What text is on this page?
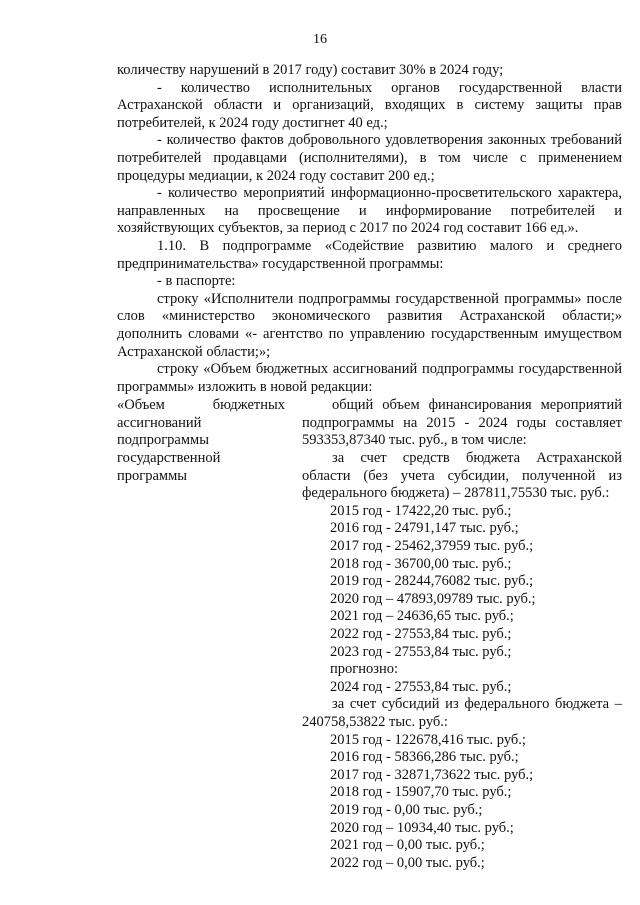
16

количеству нарушений в 2017 году) составит 30% в 2024 году;

- количество исполнительных органов государственной власти Астраханской области и организаций, входящих в систему защиты прав потребителей, к 2024 году достигнет 40 ед.;

- количество фактов добровольного удовлетворения законных требований потребителей продавцами (исполнителями), в том числе с применением процедуры медиации, к 2024 году составит 200 ед.;

- количество мероприятий информационно-просветительского характера, направленных на просвещение и информирование потребителей и хозяйствующих субъектов, за период с 2017 по 2024 год составит 166 ед.».

1.10. В подпрограмме «Содействие развитию малого и среднего предпринимательства» государственной программы:

- в паспорте:

строку «Исполнители подпрограммы государственной программы» после слов «министерство экономического развития Астраханской области;» дополнить словами «- агентство по управлению государственным имуществом Астраханской области;»;

строку «Объем бюджетных ассигнований подпрограммы государственной программы» изложить в новой редакции:

«Объем бюджетных ассигнований подпрограммы государственной программы

общий объем финансирования мероприятий подпрограммы на 2015 - 2024 годы составляет 593353,87340 тыс. руб., в том числе:

за счет средств бюджета Астраханской области (без учета субсидии, полученной из федерального бюджета) – 287811,75530 тыс. руб.:

2015 год - 17422,20 тыс. руб.;

2016 год - 24791,147 тыс. руб.;

2017 год - 25462,37959 тыс. руб.;

2018 год - 36700,00 тыс. руб.;

2019 год - 28244,76082 тыс. руб.;

2020 год – 47893,09789 тыс. руб.;

2021 год – 24636,65 тыс. руб.;

2022 год - 27553,84 тыс. руб.;

2023 год - 27553,84 тыс. руб.;

прогнозно:

2024 год - 27553,84 тыс. руб.;

за счет субсидий из федерального бюджета – 240758,53822 тыс. руб.:

2015 год - 122678,416 тыс. руб.;

2016 год - 58366,286 тыс. руб.;

2017 год - 32871,73622 тыс. руб.;

2018 год - 15907,70 тыс. руб.;

2019 год - 0,00 тыс. руб.;

2020 год – 10934,40 тыс. руб.;

2021 год – 0,00 тыс. руб.;

2022 год – 0,00 тыс. руб.;
